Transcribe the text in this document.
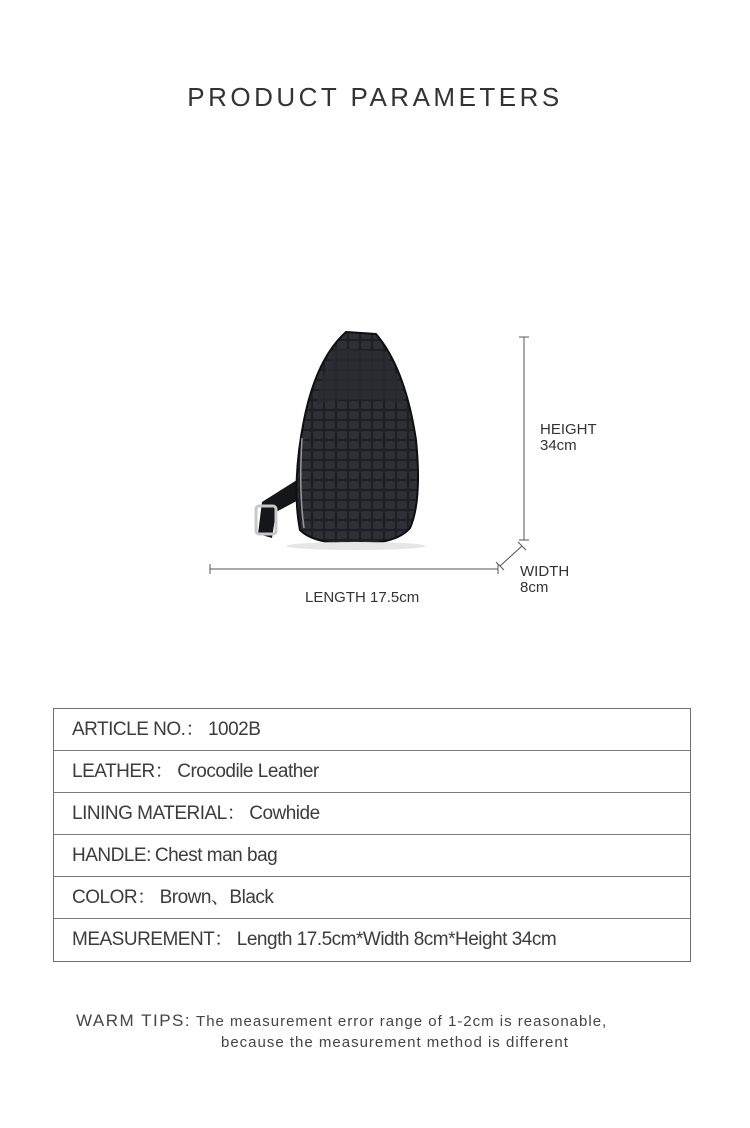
PRODUCT PARAMETERS
HEIGHT
34cm
WIDTH
8cm
LENGTH 17.5cm
ARTICLE NO.： 1002B
LEATHER： Crocodile Leather
LINING MATERIAL： Cowhide
HANDLE: Chest man bag
COLOR： Brown、Black
MEASUREMENT： Length 17.5cm*Width 8cm*Height 34cm
WARM TIPS: The measurement error range of 1-2cm is reasonable,
because the measurement method is different
